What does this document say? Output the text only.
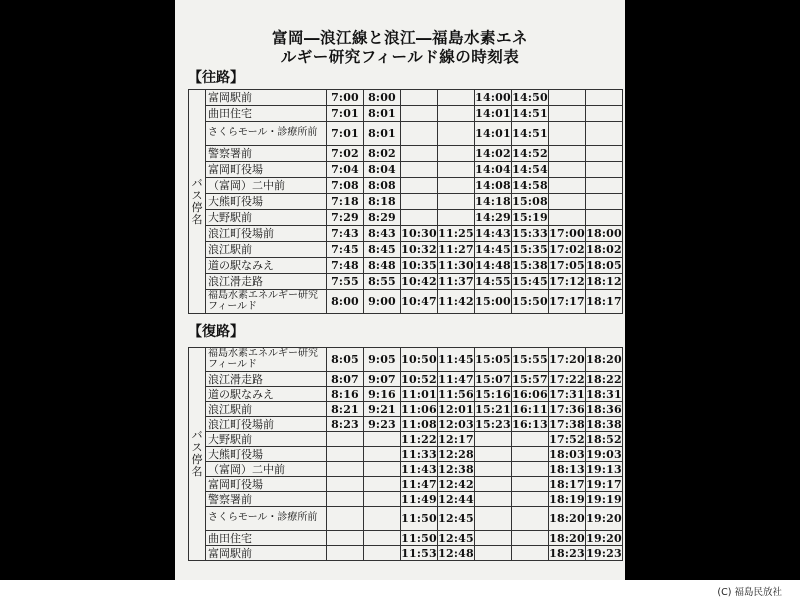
富岡―浪江線と浪江―福島水素エネ
ルギー研究フィールド線の時刻表
【往路】
バス停名	富岡駅前	7:00	8:00			14:00	14:50		
	曲田住宅	7:01	8:01			14:01	14:51		
	さくらモール・診療所前	7:01	8:01			14:01	14:51		
	警察署前	7:02	8:02			14:02	14:52		
	富岡町役場	7:04	8:04			14:04	14:54		
	（富岡）二中前	7:08	8:08			14:08	14:58		
	大熊町役場	7:18	8:18			14:18	15:08		
	大野駅前	7:29	8:29			14:29	15:19		
	浪江町役場前	7:43	8:43	10:30	11:25	14:43	15:33	17:00	18:00
	浪江駅前	7:45	8:45	10:32	11:27	14:45	15:35	17:02	18:02
	道の駅なみえ	7:48	8:48	10:35	11:30	14:48	15:38	17:05	18:05
	浪江滑走路	7:55	8:55	10:42	11:37	14:55	15:45	17:12	18:12
	福島水素エネルギー研究フィールド	8:00	9:00	10:47	11:42	15:00	15:50	17:17	18:17
【復路】
バス停名	福島水素エネルギー研究フィールド	8:05	9:05	10:50	11:45	15:05	15:55	17:20	18:20
	浪江滑走路	8:07	9:07	10:52	11:47	15:07	15:57	17:22	18:22
	道の駅なみえ	8:16	9:16	11:01	11:56	15:16	16:06	17:31	18:31
	浪江駅前	8:21	9:21	11:06	12:01	15:21	16:11	17:36	18:36
	浪江町役場前	8:23	9:23	11:08	12:03	15:23	16:13	17:38	18:38
	大野駅前			11:22	12:17			17:52	18:52
	大熊町役場			11:33	12:28			18:03	19:03
	（富岡）二中前			11:43	12:38			18:13	19:13
	富岡町役場			11:47	12:42			18:17	19:17
	警察署前			11:49	12:44			18:19	19:19
	さくらモール・診療所前			11:50	12:45			18:20	19:20
	曲田住宅			11:50	12:45			18:20	19:20
	富岡駅前			11:53	12:48			18:23	19:23
(C) 福島民放社
